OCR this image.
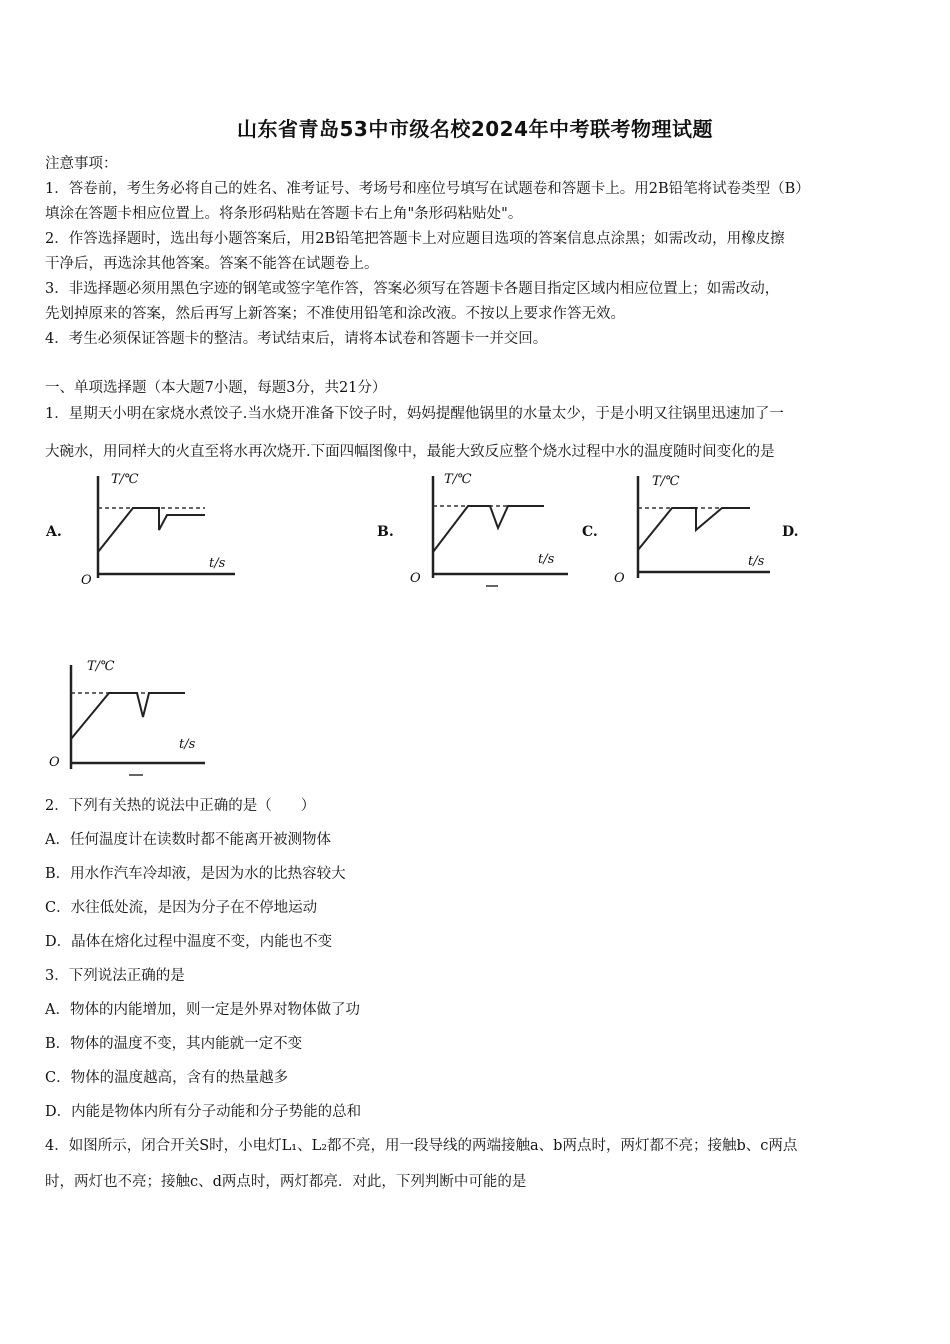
山东省青岛53中市级名校2024年中考联考物理试题
注意事项：
1．答卷前，考生务必将自己的姓名、准考证号、考场号和座位号填写在试题卷和答题卡上。用2B铅笔将试卷类型（B）
填涂在答题卡相应位置上。将条形码粘贴在答题卡右上角"条形码粘贴处"。
2．作答选择题时，选出每小题答案后，用2B铅笔把答题卡上对应题目选项的答案信息点涂黑；如需改动，用橡皮擦
干净后，再选涂其他答案。答案不能答在试题卷上。
3．非选择题必须用黑色字迹的钢笔或签字笔作答，答案必须写在答题卡各题目指定区域内相应位置上；如需改动，
先划掉原来的答案，然后再写上新答案；不准使用铅笔和涂改液。不按以上要求作答无效。
4．考生必须保证答题卡的整洁。考试结束后，请将本试卷和答题卡一并交回。
一、单项选择题（本大题7小题，每题3分，共21分）
1．星期天小明在家烧水煮饺子.当水烧开准备下饺子时，妈妈提醒他锅里的水量太少，于是小明又往锅里迅速加了一
大碗水，用同样大的火直至将水再次烧开.下面四幅图像中，最能大致反应整个烧水过程中水的温度随时间变化的是
A.	B.	C.	D.
T/℃
t/s
O
T/℃
t/s
O
T/℃
t/s
O
T/℃
t/s
O
2．下列有关热的说法中正确的是（　　）
A．任何温度计在读数时都不能离开被测物体
B．用水作汽车冷却液，是因为水的比热容较大
C．水往低处流，是因为分子在不停地运动
D．晶体在熔化过程中温度不变，内能也不变
3．下列说法正确的是
A．物体的内能增加，则一定是外界对物体做了功
B．物体的温度不变，其内能就一定不变
C．物体的温度越高，含有的热量越多
D．内能是物体内所有分子动能和分子势能的总和
4．如图所示，闭合开关S时，小电灯L₁、L₂都不亮，用一段导线的两端接触a、b两点时，两灯都不亮；接触b、c两点
时，两灯也不亮；接触c、d两点时，两灯都亮．对此，下列判断中可能的是
